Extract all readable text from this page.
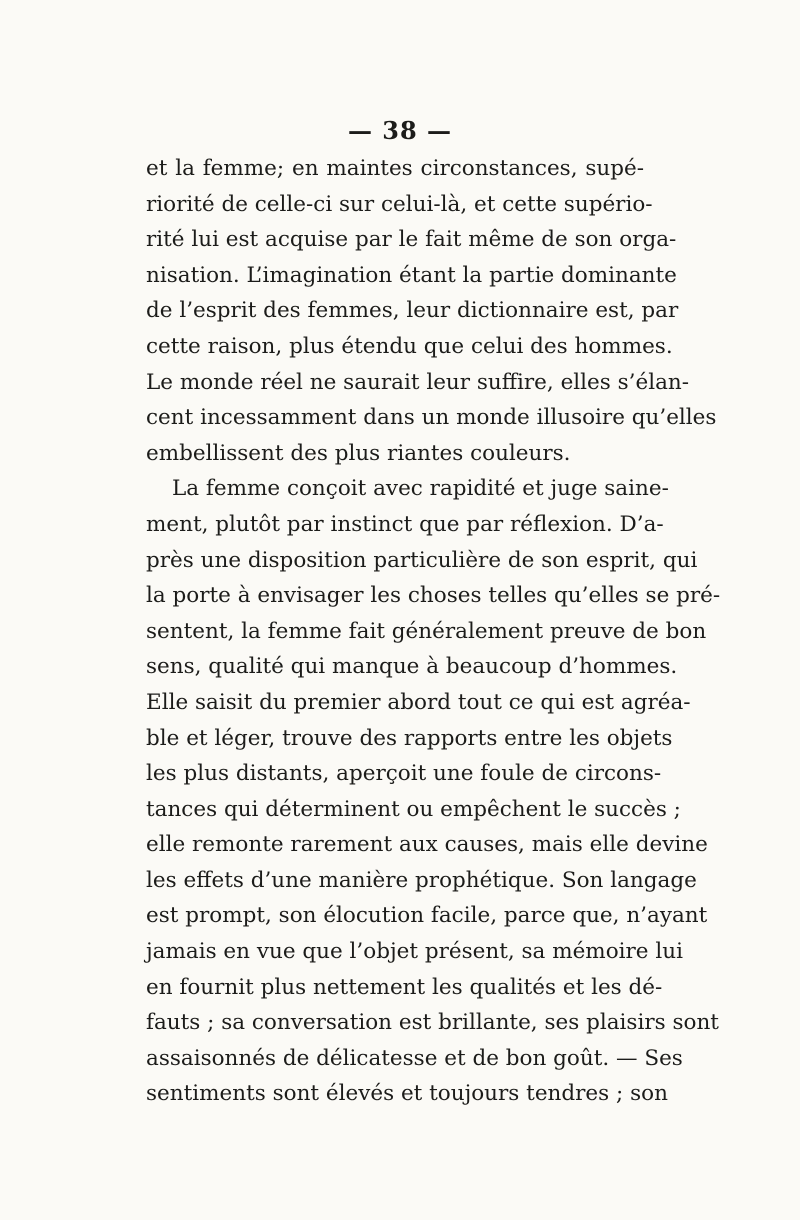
— 38 —
et la femme; en maintes circonstances, supé-
riorité de celle-ci sur celui-là, et cette supério-
rité lui est acquise par le fait même de son orga-
nisation. L’imagination étant la partie dominante
de l’esprit des femmes, leur dictionnaire est, par
cette raison, plus étendu que celui des hommes.
Le monde réel ne saurait leur suffire, elles s’élan-
cent incessamment dans un monde illusoire qu’elles
embellissent des plus riantes couleurs.
La femme conçoit avec rapidité et juge saine-
ment, plutôt par instinct que par réflexion. D’a-
près une disposition particulière de son esprit, qui
la porte à envisager les choses telles qu’elles se pré-
sentent, la femme fait généralement preuve de bon
sens, qualité qui manque à beaucoup d’hommes.
Elle saisit du premier abord tout ce qui est agréa-
ble et léger, trouve des rapports entre les objets
les plus distants, aperçoit une foule de circons-
tances qui déterminent ou empêchent le succès ;
elle remonte rarement aux causes, mais elle devine
les effets d’une manière prophétique. Son langage
est prompt, son élocution facile, parce que, n’ayant
jamais en vue que l’objet présent, sa mémoire lui
en fournit plus nettement les qualités et les dé-
fauts ; sa conversation est brillante, ses plaisirs sont
assaisonnés de délicatesse et de bon goût. — Ses
sentiments sont élevés et toujours tendres ; son
